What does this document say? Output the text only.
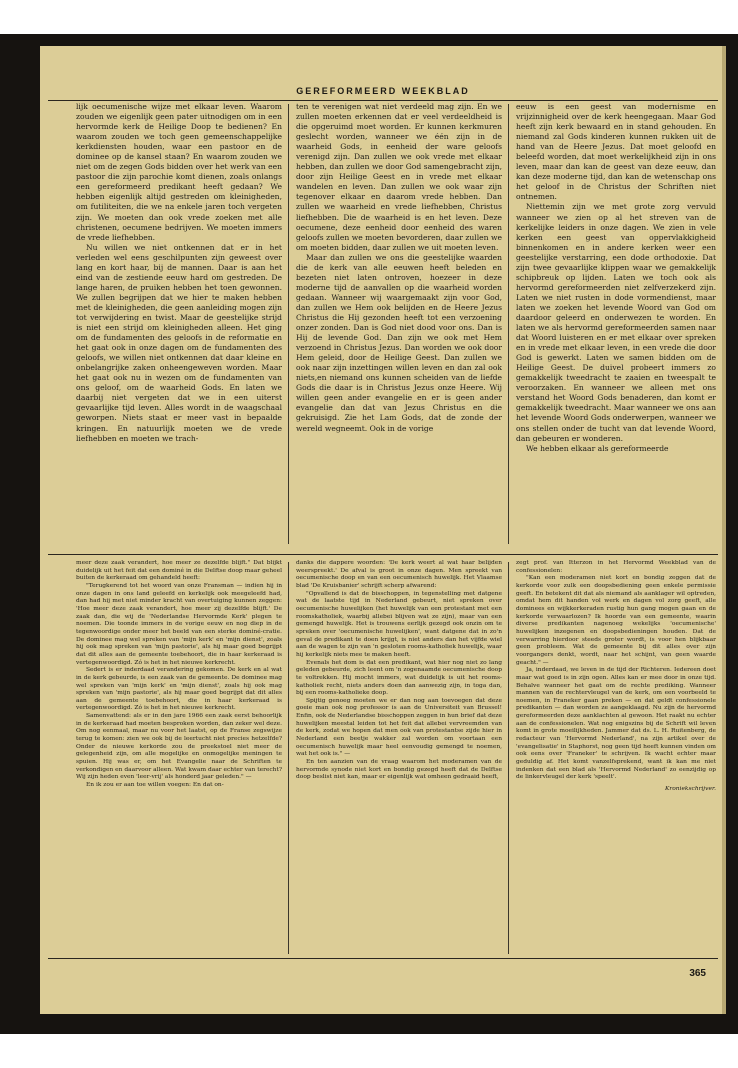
GEREFORMEERD WEEKBLAD

lijk oecumenische wijze met elkaar leven. Waarom zouden we eigenlijk geen pater uitnodigen om in een hervormde kerk de Heilige Doop te bedienen? En waarom zouden we toch geen gemeenschappelijke kerkdiensten houden, waar een pastoor en de dominee op de kansel staan? En waarom zouden we niet om de zegen Gods bidden over het werk van een pastoor die zijn parochie komt dienen, zoals onlangs een gereformeerd predikant heeft gedaan? We hebben eigenlijk altijd gestreden om kleinigheden, om futiliteiten, die we na enkele jaren toch vergeten zijn. We moeten dan ook vrede zoeken met alle christenen, oecumene bedrijven. We moeten immers de vrede liefhebben.

Nu willen we niet ontkennen dat er in het verleden wel eens geschilpunten zijn geweest over lang en kort haar, bij de mannen. Daar is aan het eind van de zestiende eeuw hard om gestreden. De lange haren, de pruiken hebben het toen gewonnen. We zullen begrijpen dat we hier te maken hebben met de kleinigheden, die geen aanleiding mogen zijn tot verwijdering en twist. Maar de geestelijke strijd is niet een strijd om kleinigheden alleen. Het ging om de fundamenten des geloofs in de reformatie en het gaat ook in onze dagen om de fundamenten des geloofs, we willen niet ontkennen dat daar kleine en onbelangrijke zaken onheengeweven worden. Maar het gaat ook nu in wezen om de fundamenten van ons geloof, om de waarheid Gods. En laten we daarbij niet vergeten dat we in een uiterst gevaarlijke tijd leven. Alles wordt in de waagschaal geworpen. Niets staat er meer vast in bepaalde kringen. En natuurlijk moeten we de vrede liefhebben en moeten we trach-

ten te verenigen wat niet verdeeld mag zijn. En we zullen moeten erkennen dat er veel verdeeldheid is die opgeruimd moet worden. Er kunnen kerkmuren geslecht worden, wanneer we één zijn in de waarheid Gods, in eenheid der ware geloofs verenigd zijn. Dan zullen we ook vrede met elkaar hebben, dan zullen we door God samengebracht zijn, door zijn Heilige Geest en in vrede met elkaar wandelen en leven. Dan zullen we ook waar zijn tegenover elkaar en daarom vrede hebben. Dan zullen we waarheid en vrede liefhebben, Christus liefhebben. Die de waarheid is en het leven. Deze oecumene, deze eenheid door eenheid des waren geloofs zullen we moeten bevorderen, daar zullen we om moeten bidden, daar zullen we uit moeten leven.

Maar dan zullen we ons die geestelijke waarden die de kerk van alle eeuwen heeft beleden en bezeten niet laten ontroven, hoezeer in deze moderne tijd de aanvallen op die waarheid worden gedaan. Wanneer wij waargemaakt zijn voor God, dan zullen we Hem ook belijden en de Heere Jezus Christus die Hij gezonden heeft tot een verzoening onzer zonden. Dan is God niet dood voor ons. Dan is Hij de levende God. Dan zijn we ook met Hem verzoend in Christus Jezus. Dan worden we ook door Hem geleid, door de Heilige Geest. Dan zullen we ook naar zijn inzettingen willen leven en dan zal ook niets,en niemand ons kunnen scheiden van de liefde Gods die daar is in Christus Jezus onze Heere. Wij willen geen ander evangelie en er is geen ander evangelie dan dat van Jezus Christus en die gekruisigd. Zie het Lam Gods, dat de zonde der wereld wegneemt. Ook in de vorige

eeuw is een geest van modernisme en vrijzinnigheid over de kerk heengegaan. Maar God heeft zijn kerk bewaard en in stand gehouden. En niemand zal Gods kinderen kunnen rukken uit de hand van de Heere Jezus. Dat moet geloofd en beleefd worden, dat moet werkelijkheid zijn in ons leven, maar dan kan de geest van deze eeuw, dan kan deze moderne tijd, dan kan de wetenschap ons het geloof in de Christus der Schriften niet ontnemen.

Niettemin zijn we met grote zorg vervuld wanneer we zien op al het streven van de kerkelijke leiders in onze dagen. We zien in vele kerken een geest van oppervlakkigheid binnenkomen en in andere kerken weer een geestelijke verstarring, een dode orthodoxie. Dat zijn twee gevaarlijke klippen waar we gemakkelijk schipbreuk op lijden. Laten we toch ook als hervormd gereformeerden niet zelfverzekerd zijn. Laten we niet rusten in dode vormendienst, maar laten we zoeken het levende Woord van God om daardoor geleerd en onderwezen te worden. En laten we als hervormd gereformeerden samen naar dat Woord luisteren en er met elkaar over spreken en in vrede met elkaar leven, in een vrede die door God is gewerkt. Laten we samen bidden om de Heilige Geest. De duivel probeert immers zo gemakkelijk tweedracht te zaaien en tweespalt te veroorzaken. En wanneer we alleen met ons verstand het Woord Gods benaderen, dan komt er gemakkelijk tweedracht. Maar wanneer we ons aan het levende Woord Gods onderwerpen, wanneer we ons stellen onder de tucht van dat levende Woord, dan gebeuren er wonderen.

We hebben elkaar als gereformeerde

meer deze zaak verandert, hoe meer ze dezelfde blijft." Dat blijkt duidelijk uit het feit dat een dominé in die Delftse doop maar geheel buiten de kerkeraad om gehandeld heeft:

"Terugkerend tot het woord van onze Fransman — indien hij in onze dagen in ons land geleefd en kerkelijk ook meegeleefd had, dan had hij met niet minder kracht van overtuiging kunnen zeggen: 'Hoe meer deze zaak verandert, hoe meer zij dezelfde blijft.' De zaak dan, die wij de 'Nederlandse Hervormde Kerk' plegen te noemen. Die toonde immers in de vorige eeuw en nog diep in de tegenwoordige onder meer het beeld van een sterke dominé-cratie. De dominee mag wel spreken van 'mijn kerk' en 'mijn dienst', zoals hij ook mag spreken van 'mijn pastorie', als hij maar goed begrijpt dat dit alles aan de gemeente toebehoort, die in haar kerkeraad is vertegenwoordigd. Zó is het in het nieuwe kerkrecht.

Sedert is er inderdaad verandering gekomen. De kerk en al wat in de kerk gebeurde, is een zaak van de gemeente. De dominee mag wel spreken van 'mijn kerk' en 'mijn dienst', zoals hij ook mag spreken van 'mijn pastorie', als hij maar goed begrijpt dat dit alles aan de gemeente toebehoort, die in haar kerkeraad is vertegenwoordigd. Zó is het in het nieuwe kerkrecht.

Samenvattend: als er in den jare 1966 een zaak eerst behoorlijk in de kerkeraad had moeten besproken worden, dan zeker wel deze. Om nog eenmaal, maar nu voor het laatst, op de Franse zegswijze terug te komen: zien we ook bij de leertucht niet precies hetzelfde? Onder de nieuwe kerkorde zou de preekstoel niet meer de gelegenheid zijn, om alle mogelijke en onmogelijke meningen te spuien. Hij was er, om het Evangelie naar de Schriften te verkondigen en daarvoor alleen. Wat kwam daar echter van terecht? Wij zijn heden even 'leer-vrij' als honderd jaar geleden." —

En ik zou er aan toe willen voegen: En dat on-

danks die dappere woorden: 'De kerk weert al wat haar belijden weerspreekt.' De afval is groot in onze dagen. Men spreekt van oecumenische doop en van een oecumenisch huwelijk. Het Vlaamse blad 'De Kruisbanier' schrijft scherp afwarend:

"Opvallend is dat de bisschoppen, in tegenstelling met datgene wat de laatste tijd in Nederland gebeurt, niet spreken over oecumenische huwelijken (het huwelijk van een protestant met een roomskatholiek, waarbij allebei blijven wat ze zijn), maar van een gemengd huwelijk. Het is trouwens eerlijk gezegd ook onzin om te spreken over 'oecumenische huwelijken', want datgene dat in zo'n geval de predikant te doen krijgt, is niet anders dan het vijfde wiel aan de wagen te zijn van 'n gesloten rooms-katholiek huwelijk, waar hij kerkelijk niets mee te maken heeft.

Evenals het dom is dat een predikant, wat hier nog niet zo lang geleden gebeurde, zich leent om 'n zogenaamde oecumenische doop te voltrekken. Hij mocht immers, wat duidelijk is uit het rooms-katholiek recht, niets anders doen dan aanwezig zijn, in toga dan, bij een rooms-katholieke doop.

Spijtig genoeg moeten we er dan nog aan toevoegen dat deze goeie man ook nog professor is aan de Universiteit van Brussel! Enfin, ook de Nederlandse bisschoppen zeggen in hun brief dat deze huwelijken meestal leiden tot het feit dat allebei vervreemden van de kerk, zodat we hopen dat men ook van protestantse zijde hier in Nederland een beetje wakker zal worden om voortaan een oecumenisch huwelijk maar heel eenvoudig gemengd te noemen, wat het ook is." —

En ten aanzien van de vraag waarom het moderamen van de hervormde synode niet kort en bondig gezegd heeft dat de Delftse doop beslist niet kan, maar er eigenlijk wat omheen gedraaid heeft,

zegt prof. van Itterzon in het Hervormd Weekblad van de confessionelen:

"Kan een moderamen niet kort en bondig zeggen dat de kerkorde voor zulk een doopsbediening geen enkele permissie geeft. En betekent dit dat als niemand als aanklager wil optreden, omdat hem dit handen vol werk en dagen vol zorg geeft, alle dominees en wijkkerkeraden rustig hun gang mogen gaan en de kerkorde verwaarlozen? Ik hoorde van een gemeente, waarin diverse predikanten nagenoeg wekelijks 'oecumenische' huwelijken inzegenen en doopsbedieningen houden. Dat de verwarring hierdoor steeds groter wordt, is voor hen blijkbaar geen probleem. Wat de gemeente bij dit alles over zijn voorgangers denkt, wordt, naar het schijnt, van geen waarde geacht." —

Ja, inderdaad, we leven in de tijd der Richteren. Iedereen doet maar wat goed is in zijn ogen. Alles kan er mee door in onze tijd. Behalve wanneer het gaat om de rechte prediking. Wanneer mannen van de rechtervleugel van de kerk, om een voorbeeld te noemen, in Franeker gaan preken — en dat geldt confessionele predikanten — dan worden ze aangeklaagd. Nu zijn de hervormd gereformeerden deze aanklachten al gewoon. Het raakt nu echter aan de confessionelen. Wat nog enigszins bij de Schrift wil leven komt in grote moeilijkheden. Jammer dat ds. L. H. Ruitenberg, de redacteur van 'Hervormd Nederland', na zijn artikel over de 'evangelisatie' in Staphorst, nog geen tijd heeft kunnen vinden om ook eens over 'Franeker' te schrijven. Ik wacht echter maar geduldig af. Het komt vanzelfsprekend, want ik kan me niet indenken dat een blad als 'Hervormd Nederland' zo eenzijdig op de linkervleugel der kerk 'speelt'.

Kroniekschrijver.
365
